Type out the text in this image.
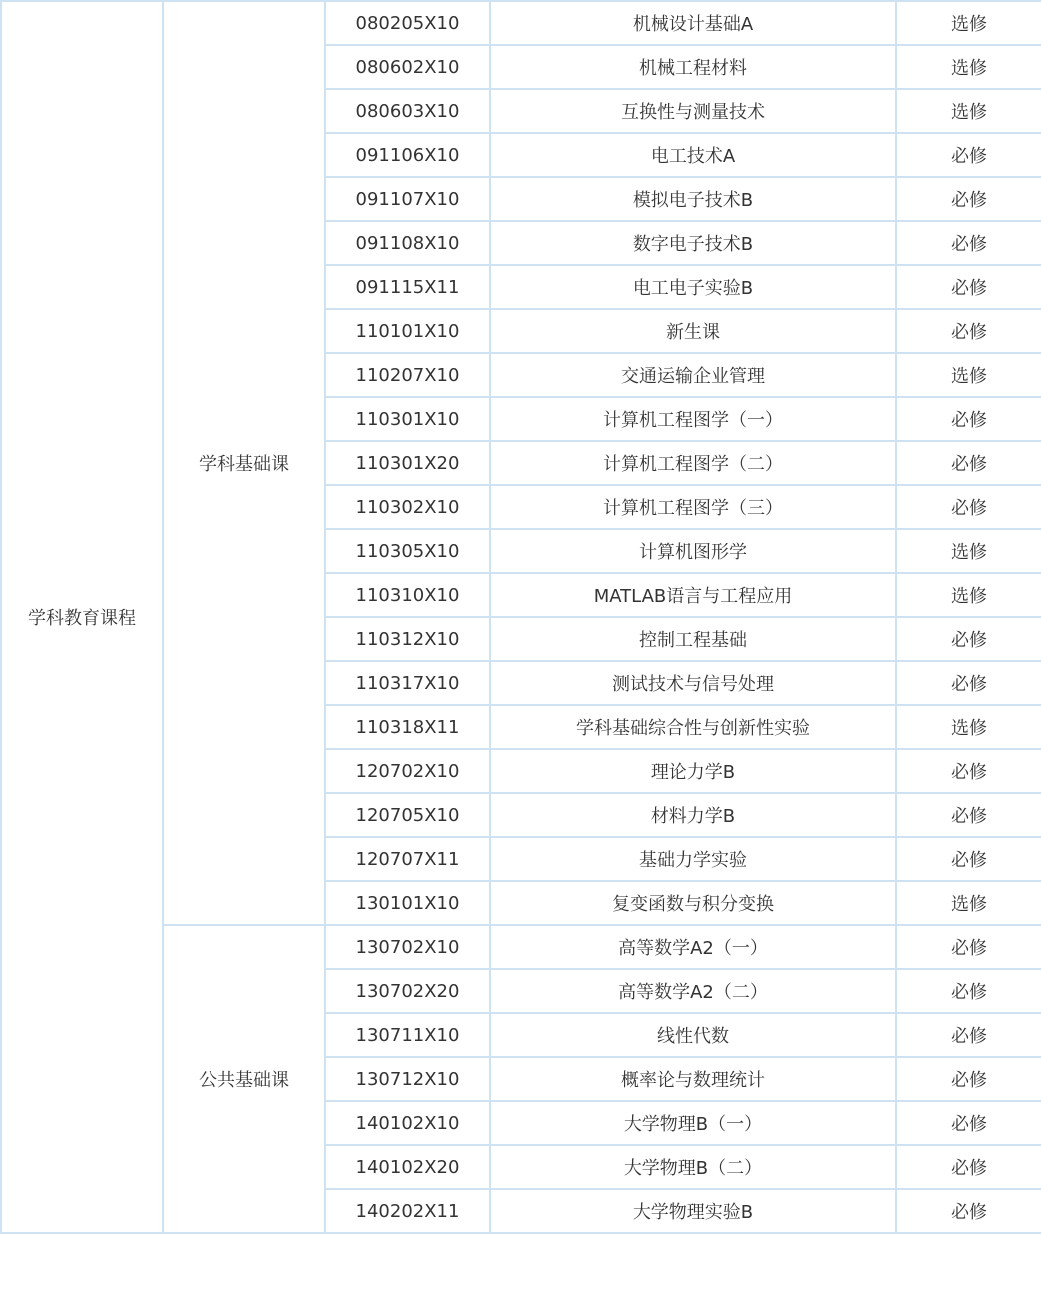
学科教育课程	学科基础课	080205X10	机械设计基础A	选修
		080602X10	机械工程材料	选修
		080603X10	互换性与测量技术	选修
		091106X10	电工技术A	必修
		091107X10	模拟电子技术B	必修
		091108X10	数字电子技术B	必修
		091115X11	电工电子实验B	必修
		110101X10	新生课	必修
		110207X10	交通运输企业管理	选修
		110301X10	计算机工程图学（一）	必修
		110301X20	计算机工程图学（二）	必修
		110302X10	计算机工程图学（三）	必修
		110305X10	计算机图形学	选修
		110310X10	MATLAB语言与工程应用	选修
		110312X10	控制工程基础	必修
		110317X10	测试技术与信号处理	必修
		110318X11	学科基础综合性与创新性实验	选修
		120702X10	理论力学B	必修
		120705X10	材料力学B	必修
		120707X11	基础力学实验	必修
		130101X10	复变函数与积分变换	选修
	公共基础课	130702X10	高等数学A2（一）	必修
		130702X20	高等数学A2（二）	必修
		130711X10	线性代数	必修
		130712X10	概率论与数理统计	必修
		140102X10	大学物理B（一）	必修
		140102X20	大学物理B（二）	必修
		140202X11	大学物理实验B	必修
